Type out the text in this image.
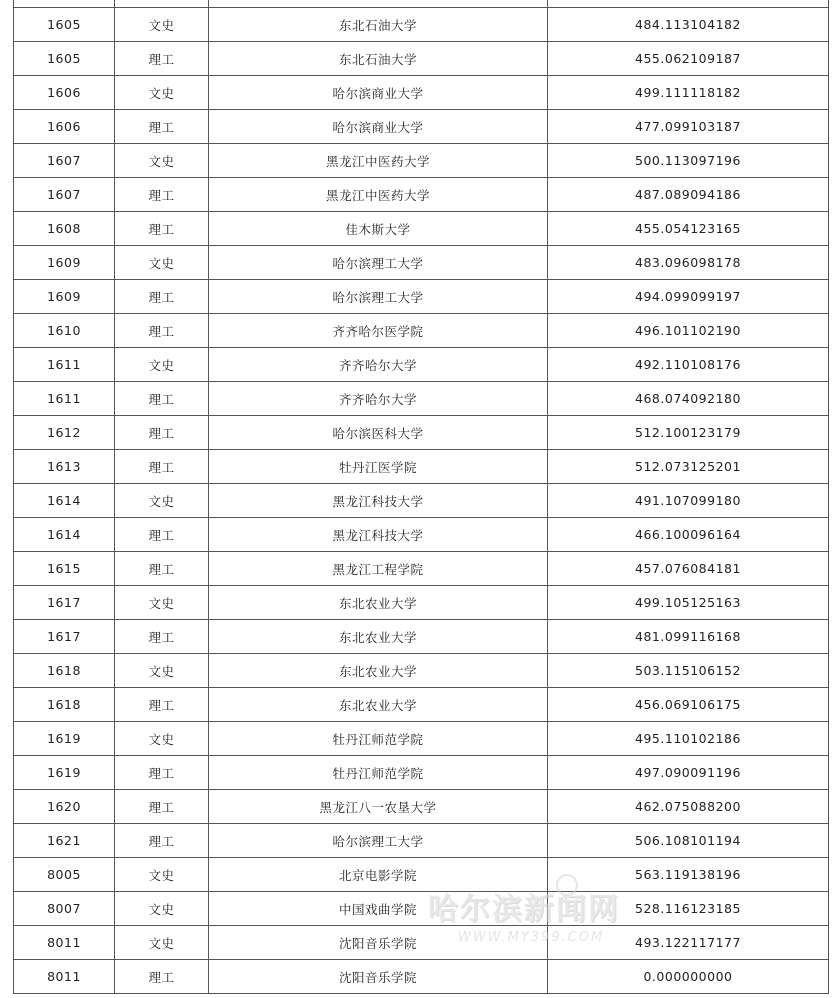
1605	文史	东北石油大学	484.113104182
1605	理工	东北石油大学	455.062109187
1606	文史	哈尔滨商业大学	499.111118182
1606	理工	哈尔滨商业大学	477.099103187
1607	文史	黑龙江中医药大学	500.113097196
1607	理工	黑龙江中医药大学	487.089094186
1608	理工	佳木斯大学	455.054123165
1609	文史	哈尔滨理工大学	483.096098178
1609	理工	哈尔滨理工大学	494.099099197
1610	理工	齐齐哈尔医学院	496.101102190
1611	文史	齐齐哈尔大学	492.110108176
1611	理工	齐齐哈尔大学	468.074092180
1612	理工	哈尔滨医科大学	512.100123179
1613	理工	牡丹江医学院	512.073125201
1614	文史	黑龙江科技大学	491.107099180
1614	理工	黑龙江科技大学	466.100096164
1615	理工	黑龙江工程学院	457.076084181
1617	文史	东北农业大学	499.105125163
1617	理工	东北农业大学	481.099116168
1618	文史	东北农业大学	503.115106152
1618	理工	东北农业大学	456.069106175
1619	文史	牡丹江师范学院	495.110102186
1619	理工	牡丹江师范学院	497.090091196
1620	理工	黑龙江八一农垦大学	462.075088200
1621	理工	哈尔滨理工大学	506.108101194
8005	文史	北京电影学院	563.119138196
8007	文史	中国戏曲学院	528.116123185
8011	文史	沈阳音乐学院	493.122117177
8011	理工	沈阳音乐学院	0.000000000
哈尔滨新闻网
WWW.MY399.COM
